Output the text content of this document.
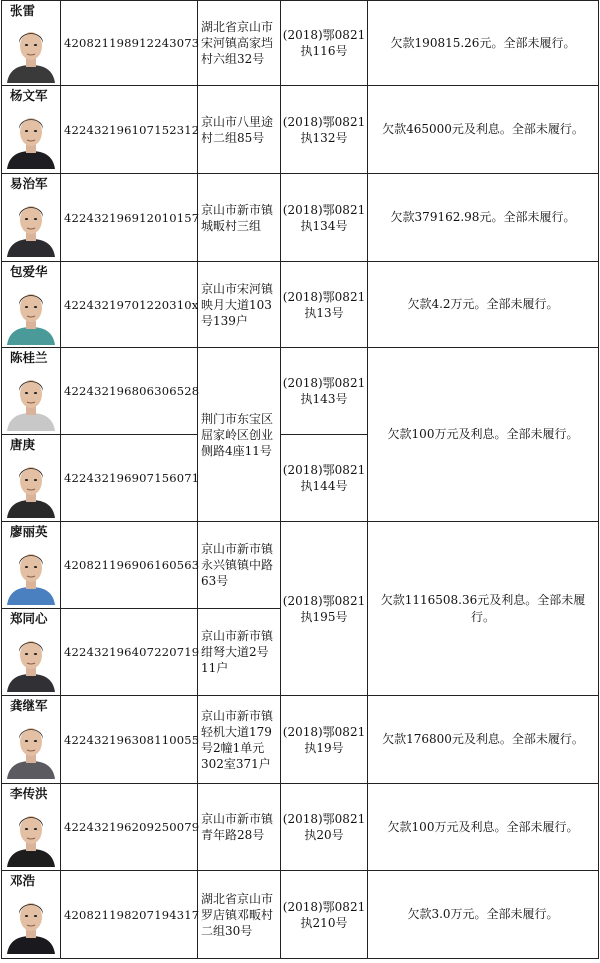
张雷	420821198912243073	湖北省京山市宋河镇高家垱村六组32号	(2018)鄂0821执116号	欠款190815.26元。全部未履行。

杨文军	422432196107152312	京山市八里途村二组85号	(2018)鄂0821执132号	欠款465000元及利息。全部未履行。

易治军	422432196912010157	京山市新市镇城畈村三组	(2018)鄂0821执134号	欠款379162.98元。全部未履行。

包爱华	42243219701220310x	京山市宋河镇映月大道103号139户	(2018)鄂0821执13号	欠款4.2万元。全部未履行。

陈桂兰	422432196806306528	荆门市东宝区屈家岭区创业侧路4座11号	(2018)鄂0821执143号	欠款100万元及利息。全部未履行。

唐庚	422432196907156071		(2018)鄂0821执144号	

廖丽英	420821196906160563	京山市新市镇永兴镇镇中路63号	(2018)鄂0821执195号	欠款1116508.36元及利息。全部未履行。

郑同心	422432196407220719	京山市新市镇绀弩大道2号11户		

龚继军	422432196308110055	京山市新市镇轻机大道179号2幢1单元302室371户	(2018)鄂0821执19号	欠款176800元及利息。全部未履行。

李传洪	422432196209250079	京山市新市镇青年路28号	(2018)鄂0821执20号	欠款100万元及利息。全部未履行。

邓浩	420821198207194317	湖北省京山市罗店镇邓畈村二组30号	(2018)鄂0821执210号	欠款3.0万元。全部未履行。
